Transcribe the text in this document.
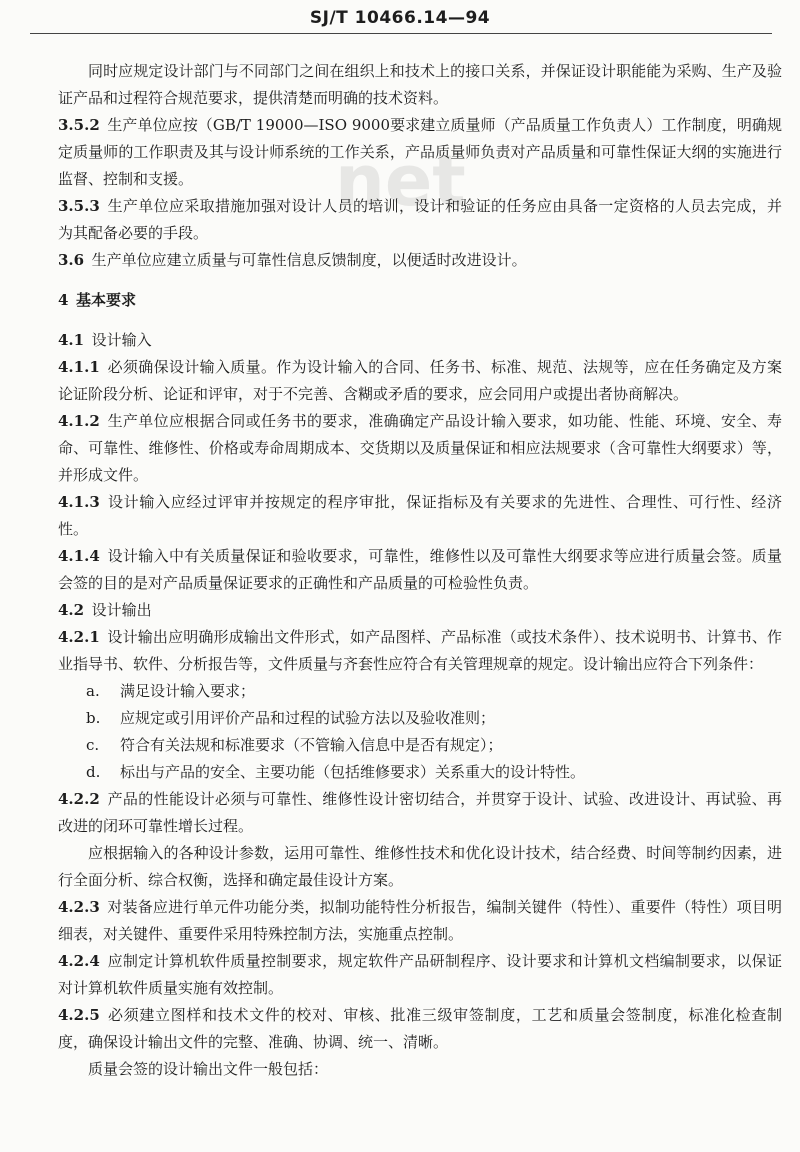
SJ/T 10466.14—94
net

同时应规定设计部门与不同部门之间在组织上和技术上的接口关系，并保证设计职能能为采购、生产及验证产品和过程符合规范要求，提供清楚而明确的技术资料。

3.5.2 生产单位应按（GB/T 19000—ISO 9000要求建立质量师（产品质量工作负责人）工作制度，明确规定质量师的工作职责及其与设计师系统的工作关系，产品质量师负责对产品质量和可靠性保证大纲的实施进行监督、控制和支援。

3.5.3 生产单位应采取措施加强对设计人员的培训，设计和验证的任务应由具备一定资格的人员去完成，并为其配备必要的手段。

3.6 生产单位应建立质量与可靠性信息反馈制度，以便适时改进设计。

4 基本要求

4.1 设计输入

4.1.1 必须确保设计输入质量。作为设计输入的合同、任务书、标准、规范、法规等，应在任务确定及方案论证阶段分析、论证和评审，对于不完善、含糊或矛盾的要求，应会同用户或提出者协商解决。

4.1.2 生产单位应根据合同或任务书的要求，准确确定产品设计输入要求，如功能、性能、环境、安全、寿命、可靠性、维修性、价格或寿命周期成本、交货期以及质量保证和相应法规要求（含可靠性大纲要求）等，并形成文件。

4.1.3 设计输入应经过评审并按规定的程序审批，保证指标及有关要求的先进性、合理性、可行性、经济性。

4.1.4 设计输入中有关质量保证和验收要求，可靠性，维修性以及可靠性大纲要求等应进行质量会签。质量会签的目的是对产品质量保证要求的正确性和产品质量的可检验性负责。

4.2 设计输出

4.2.1 设计输出应明确形成输出文件形式，如产品图样、产品标准（或技术条件）、技术说明书、计算书、作业指导书、软件、分析报告等，文件质量与齐套性应符合有关管理规章的规定。设计输出应符合下列条件：

a. 满足设计输入要求；

b. 应规定或引用评价产品和过程的试验方法以及验收准则；

c. 符合有关法规和标准要求（不管输入信息中是否有规定）；

d. 标出与产品的安全、主要功能（包括维修要求）关系重大的设计特性。

4.2.2 产品的性能设计必须与可靠性、维修性设计密切结合，并贯穿于设计、试验、改进设计、再试验、再改进的闭环可靠性增长过程。

应根据输入的各种设计参数，运用可靠性、维修性技术和优化设计技术，结合经费、时间等制约因素，进行全面分析、综合权衡，选择和确定最佳设计方案。

4.2.3 对装备应进行单元件功能分类，拟制功能特性分析报告，编制关键件（特性）、重要件（特性）项目明细表，对关键件、重要件采用特殊控制方法，实施重点控制。

4.2.4 应制定计算机软件质量控制要求，规定软件产品研制程序、设计要求和计算机文档编制要求，以保证对计算机软件质量实施有效控制。

4.2.5 必须建立图样和技术文件的校对、审核、批准三级审签制度，工艺和质量会签制度，标准化检查制度，确保设计输出文件的完整、准确、协调、统一、清晰。

质量会签的设计输出文件一般包括：
